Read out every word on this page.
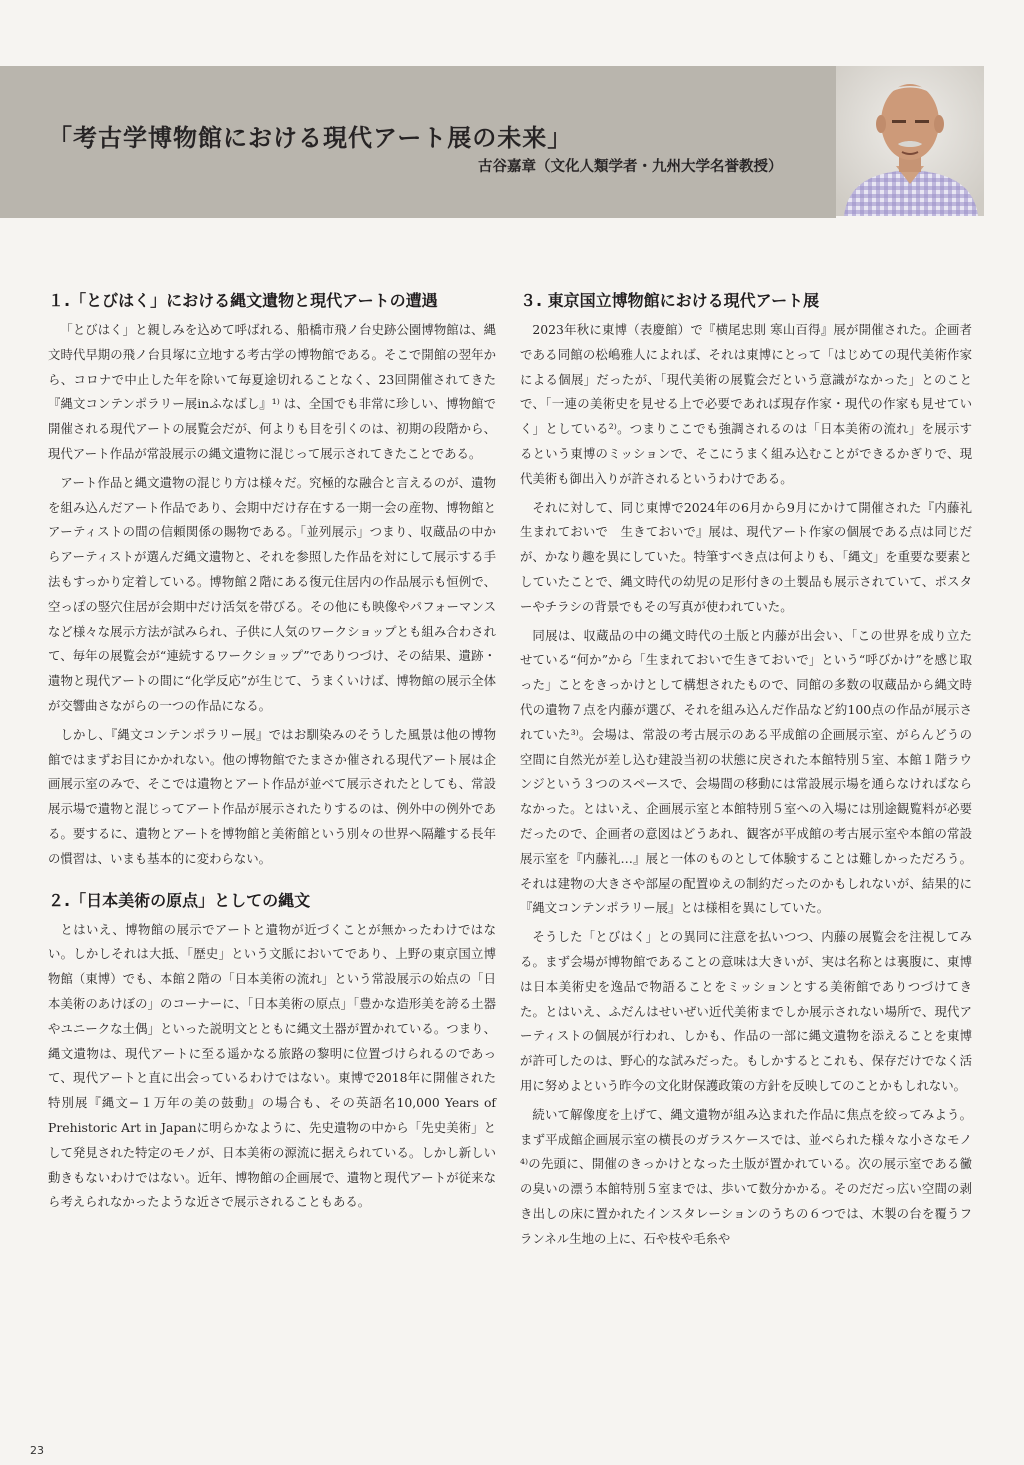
「考古学博物館における現代アート展の未来」
古谷嘉章（文化人類学者・九州大学名誉教授）
１.「とびはく」における縄文遺物と現代アートの遭遇

「とびはく」と親しみを込めて呼ばれる、船橋市飛ノ台史跡公園博物館は、縄文時代早期の飛ノ台貝塚に立地する考古学の博物館である。そこで開館の翌年から、コロナで中止した年を除いて毎夏途切れることなく、23回開催されてきた『縄文コンテンポラリー展inふなばし』¹⁾ は、全国でも非常に珍しい、博物館で開催される現代アートの展覧会だが、何よりも目を引くのは、初期の段階から、現代アート作品が常設展示の縄文遺物に混じって展示されてきたことである。

アート作品と縄文遺物の混じり方は様々だ。究極的な融合と言えるのが、遺物を組み込んだアート作品であり、会期中だけ存在する一期一会の産物、博物館とアーティストの間の信頼関係の賜物である。「並列展示」つまり、収蔵品の中からアーティストが選んだ縄文遺物と、それを参照した作品を対にして展示する手法もすっかり定着している。博物館２階にある復元住居内の作品展示も恒例で、空っぽの竪穴住居が会期中だけ活気を帯びる。その他にも映像やパフォーマンスなど様々な展示方法が試みられ、子供に人気のワークショップとも組み合わされて、毎年の展覧会が“連続するワークショップ”でありつづけ、その結果、遺跡・遺物と現代アートの間に“化学反応”が生じて、うまくいけば、博物館の展示全体が交響曲さながらの一つの作品になる。

しかし、『縄文コンテンポラリー展』ではお馴染みのそうした風景は他の博物館ではまずお目にかかれない。他の博物館でたまさか催される現代アート展は企画展示室のみで、そこでは遺物とアート作品が並べて展示されたとしても、常設展示場で遺物と混じってアート作品が展示されたりするのは、例外中の例外である。要するに、遺物とアートを博物館と美術館という別々の世界へ隔離する長年の慣習は、いまも基本的に変わらない。

２.「日本美術の原点」としての縄文

とはいえ、博物館の展示でアートと遺物が近づくことが無かったわけではない。しかしそれは大抵、「歴史」という文脈においてであり、上野の東京国立博物館（東博）でも、本館２階の「日本美術の流れ」という常設展示の始点の「日本美術のあけぼの」のコーナーに、「日本美術の原点」「豊かな造形美を誇る土器やユニークな土偶」といった説明文とともに縄文土器が置かれている。つまり、縄文遺物は、現代アートに至る遥かなる旅路の黎明に位置づけられるのであって、現代アートと直に出会っているわけではない。東博で2018年に開催された特別展『縄文−１万年の美の鼓動』の場合も、その英語名10,000 Years of Prehistoric Art in Japanに明らかなように、先史遺物の中から「先史美術」として発見された特定のモノが、日本美術の源流に据えられている。しかし新しい動きもないわけではない。近年、博物館の企画展で、遺物と現代アートが従来なら考えられなかったような近さで展示されることもある。

３. 東京国立博物館における現代アート展

2023年秋に東博（表慶館）で『横尾忠則 寒山百得』展が開催された。企画者である同館の松嶋雅人によれば、それは東博にとって「はじめての現代美術作家による個展」だったが、「現代美術の展覧会だという意識がなかった」とのことで、「一連の美術史を見せる上で必要であれば現存作家・現代の作家も見せていく」としている²⁾。つまりここでも強調されるのは「日本美術の流れ」を展示するという東博のミッションで、そこにうまく組み込むことができるかぎりで、現代美術も御出入りが許されるというわけである。

それに対して、同じ東博で2024年の6月から9月にかけて開催された『内藤礼　生まれておいで　生きておいで』展は、現代アート作家の個展である点は同じだが、かなり趣を異にしていた。特筆すべき点は何よりも、「縄文」を重要な要素としていたことで、縄文時代の幼児の足形付きの土製品も展示されていて、ポスターやチラシの背景でもその写真が使われていた。

同展は、収蔵品の中の縄文時代の土版と内藤が出会い、「この世界を成り立たせている“何か”から「生まれておいで生きておいで」という“呼びかけ”を感じ取った」ことをきっかけとして構想されたもので、同館の多数の収蔵品から縄文時代の遺物７点を内藤が選び、それを組み込んだ作品など約100点の作品が展示されていた³⁾。会場は、常設の考古展示のある平成館の企画展示室、がらんどうの空間に自然光が差し込む建設当初の状態に戻された本館特別５室、本館１階ラウンジという３つのスペースで、会場間の移動には常設展示場を通らなければならなかった。とはいえ、企画展示室と本館特別５室への入場には別途観覧料が必要だったので、企画者の意図はどうあれ、観客が平成館の考古展示室や本館の常設展示室を『内藤礼…』展と一体のものとして体験することは難しかっただろう。それは建物の大きさや部屋の配置ゆえの制約だったのかもしれないが、結果的に『縄文コンテンポラリー展』とは様相を異にしていた。

そうした「とびはく」との異同に注意を払いつつ、内藤の展覧会を注視してみる。まず会場が博物館であることの意味は大きいが、実は名称とは裏腹に、東博は日本美術史を逸品で物語ることをミッションとする美術館でありつづけてきた。とはいえ、ふだんはせいぜい近代美術までしか展示されない場所で、現代アーティストの個展が行われ、しかも、作品の一部に縄文遺物を添えることを東博が許可したのは、野心的な試みだった。もしかするとこれも、保存だけでなく活用に努めよという昨今の文化財保護政策の方針を反映してのことかもしれない。

続いて解像度を上げて、縄文遺物が組み込まれた作品に焦点を絞ってみよう。まず平成館企画展示室の横長のガラスケースでは、並べられた様々な小さなモノ⁴⁾の先頭に、開催のきっかけとなった土版が置かれている。次の展示室である黴の臭いの漂う本館特別５室までは、歩いて数分かかる。そのだだっ広い空間の剥き出しの床に置かれたインスタレーションのうちの６つでは、木製の台を覆うフランネル生地の上に、石や枝や毛糸や

23
